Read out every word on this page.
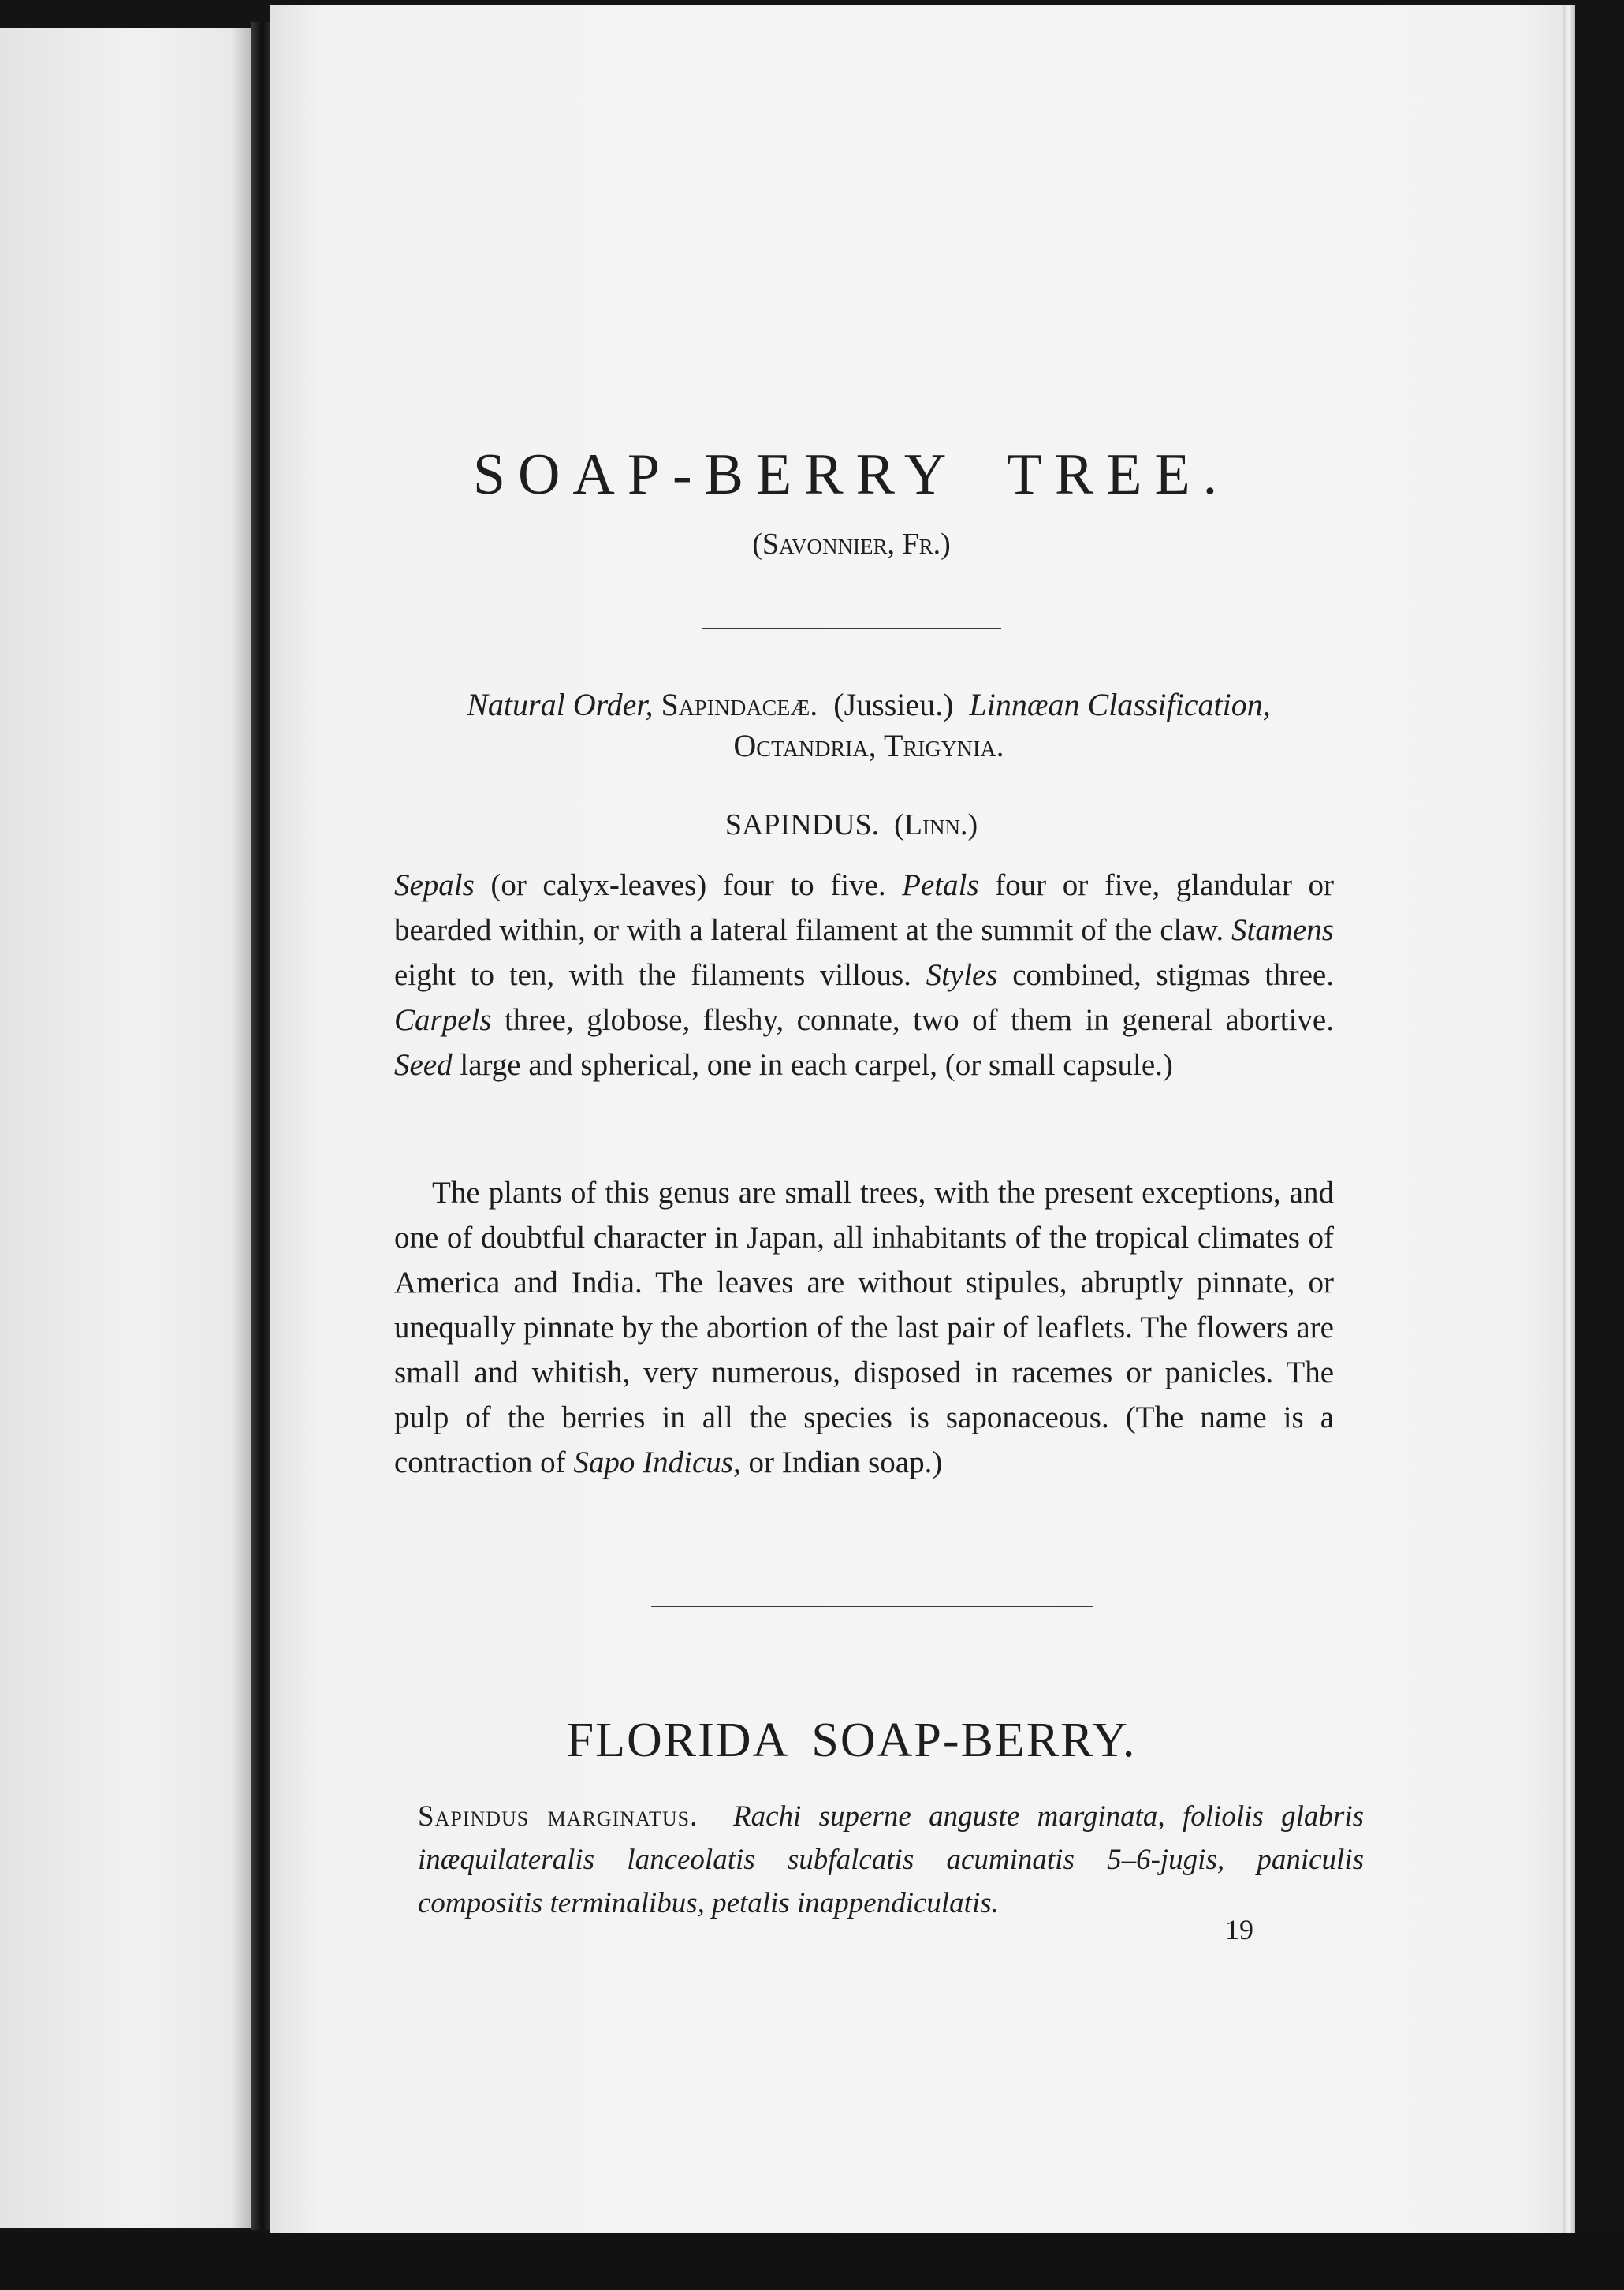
SOAP-BERRY TREE.
(Savonnier, Fr.)
Natural Order, Sapindaceæ. (Jussieu.) Linnæan Classification,
Octandria, Trigynia.
SAPINDUS. (Linn.)
Sepals (or calyx-leaves) four to five. Petals four or five, glandular or bearded within, or with a lateral filament at the summit of the claw. Stamens eight to ten, with the filaments villous. Styles combined, stigmas three. Carpels three, globose, fleshy, connate, two of them in general abortive. Seed large and spherical, one in each carpel, (or small capsule.)
The plants of this genus are small trees, with the present exceptions, and one of doubtful character in Japan, all inhabitants of the tropical climates of America and India. The leaves are without stipules, abruptly pinnate, or unequally pinnate by the abortion of the last pair of leaflets. The flowers are small and whitish, very numerous, disposed in racemes or panicles. The pulp of the berries in all the species is saponaceous. (The name is a contraction of Sapo Indicus, or Indian soap.)
FLORIDA SOAP-BERRY.
Sapindus marginatus. Rachi superne anguste marginata, foliolis glabris inæquilateralis lanceolatis subfalcatis acuminatis 5–6-jugis, paniculis compositis terminalibus, petalis inappendiculatis.
19
